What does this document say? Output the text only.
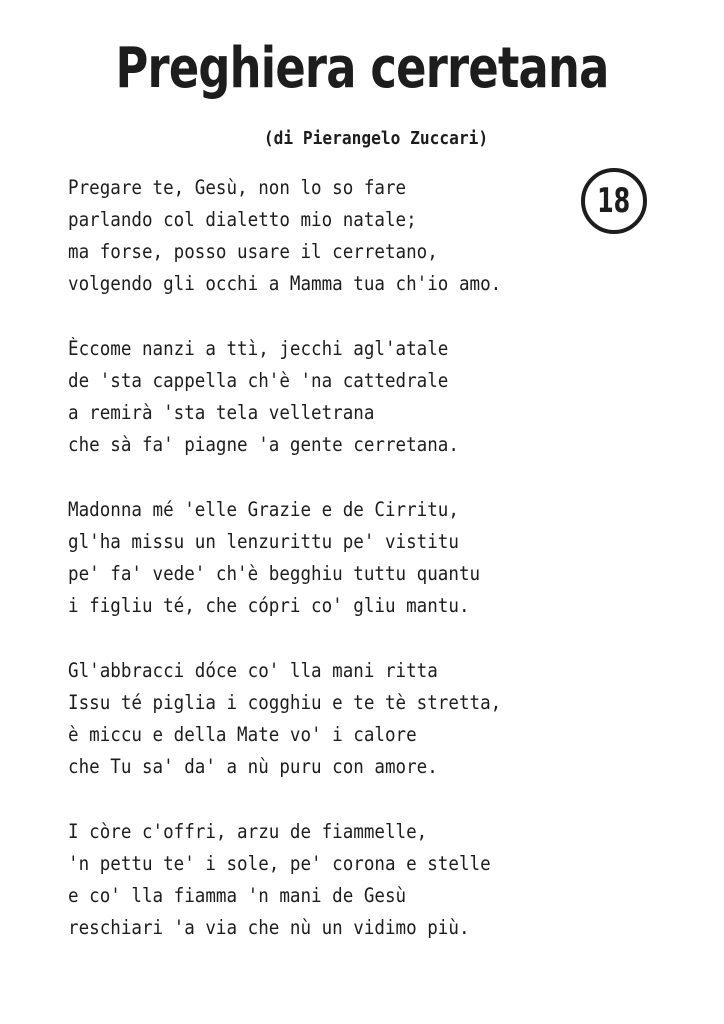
Preghiera cerretana
(di Pierangelo Zuccari)
18
Pregare te, Gesù, non lo so fare
parlando col dialetto mio natale;
ma forse, posso usare il cerretano,
volgendo gli occhi a Mamma tua ch'io amo.
Èccome nanzi a ttì, jecchi agl'atale
de 'sta cappella ch'è 'na cattedrale
a remirà 'sta tela velletrana
che sà fa' piagne 'a gente cerretana.
Madonna mé 'elle Grazie e de Cirritu,
gl'ha missu un lenzurittu pe' vistitu
pe' fa' vede' ch'è begghiu tuttu quantu
i figliu té, che cópri co' gliu mantu.
Gl'abbracci dóce co' lla mani ritta
Issu té piglia i cogghiu e te tè stretta,
è miccu e della Mate vo' i calore
che Tu sa' da' a nù puru con amore.
I còre c'offri, arzu de fiammelle,
'n pettu te' i sole, pe' corona e stelle
e co' lla fiamma 'n mani de Gesù
reschiari 'a via che nù un vidimo più.
